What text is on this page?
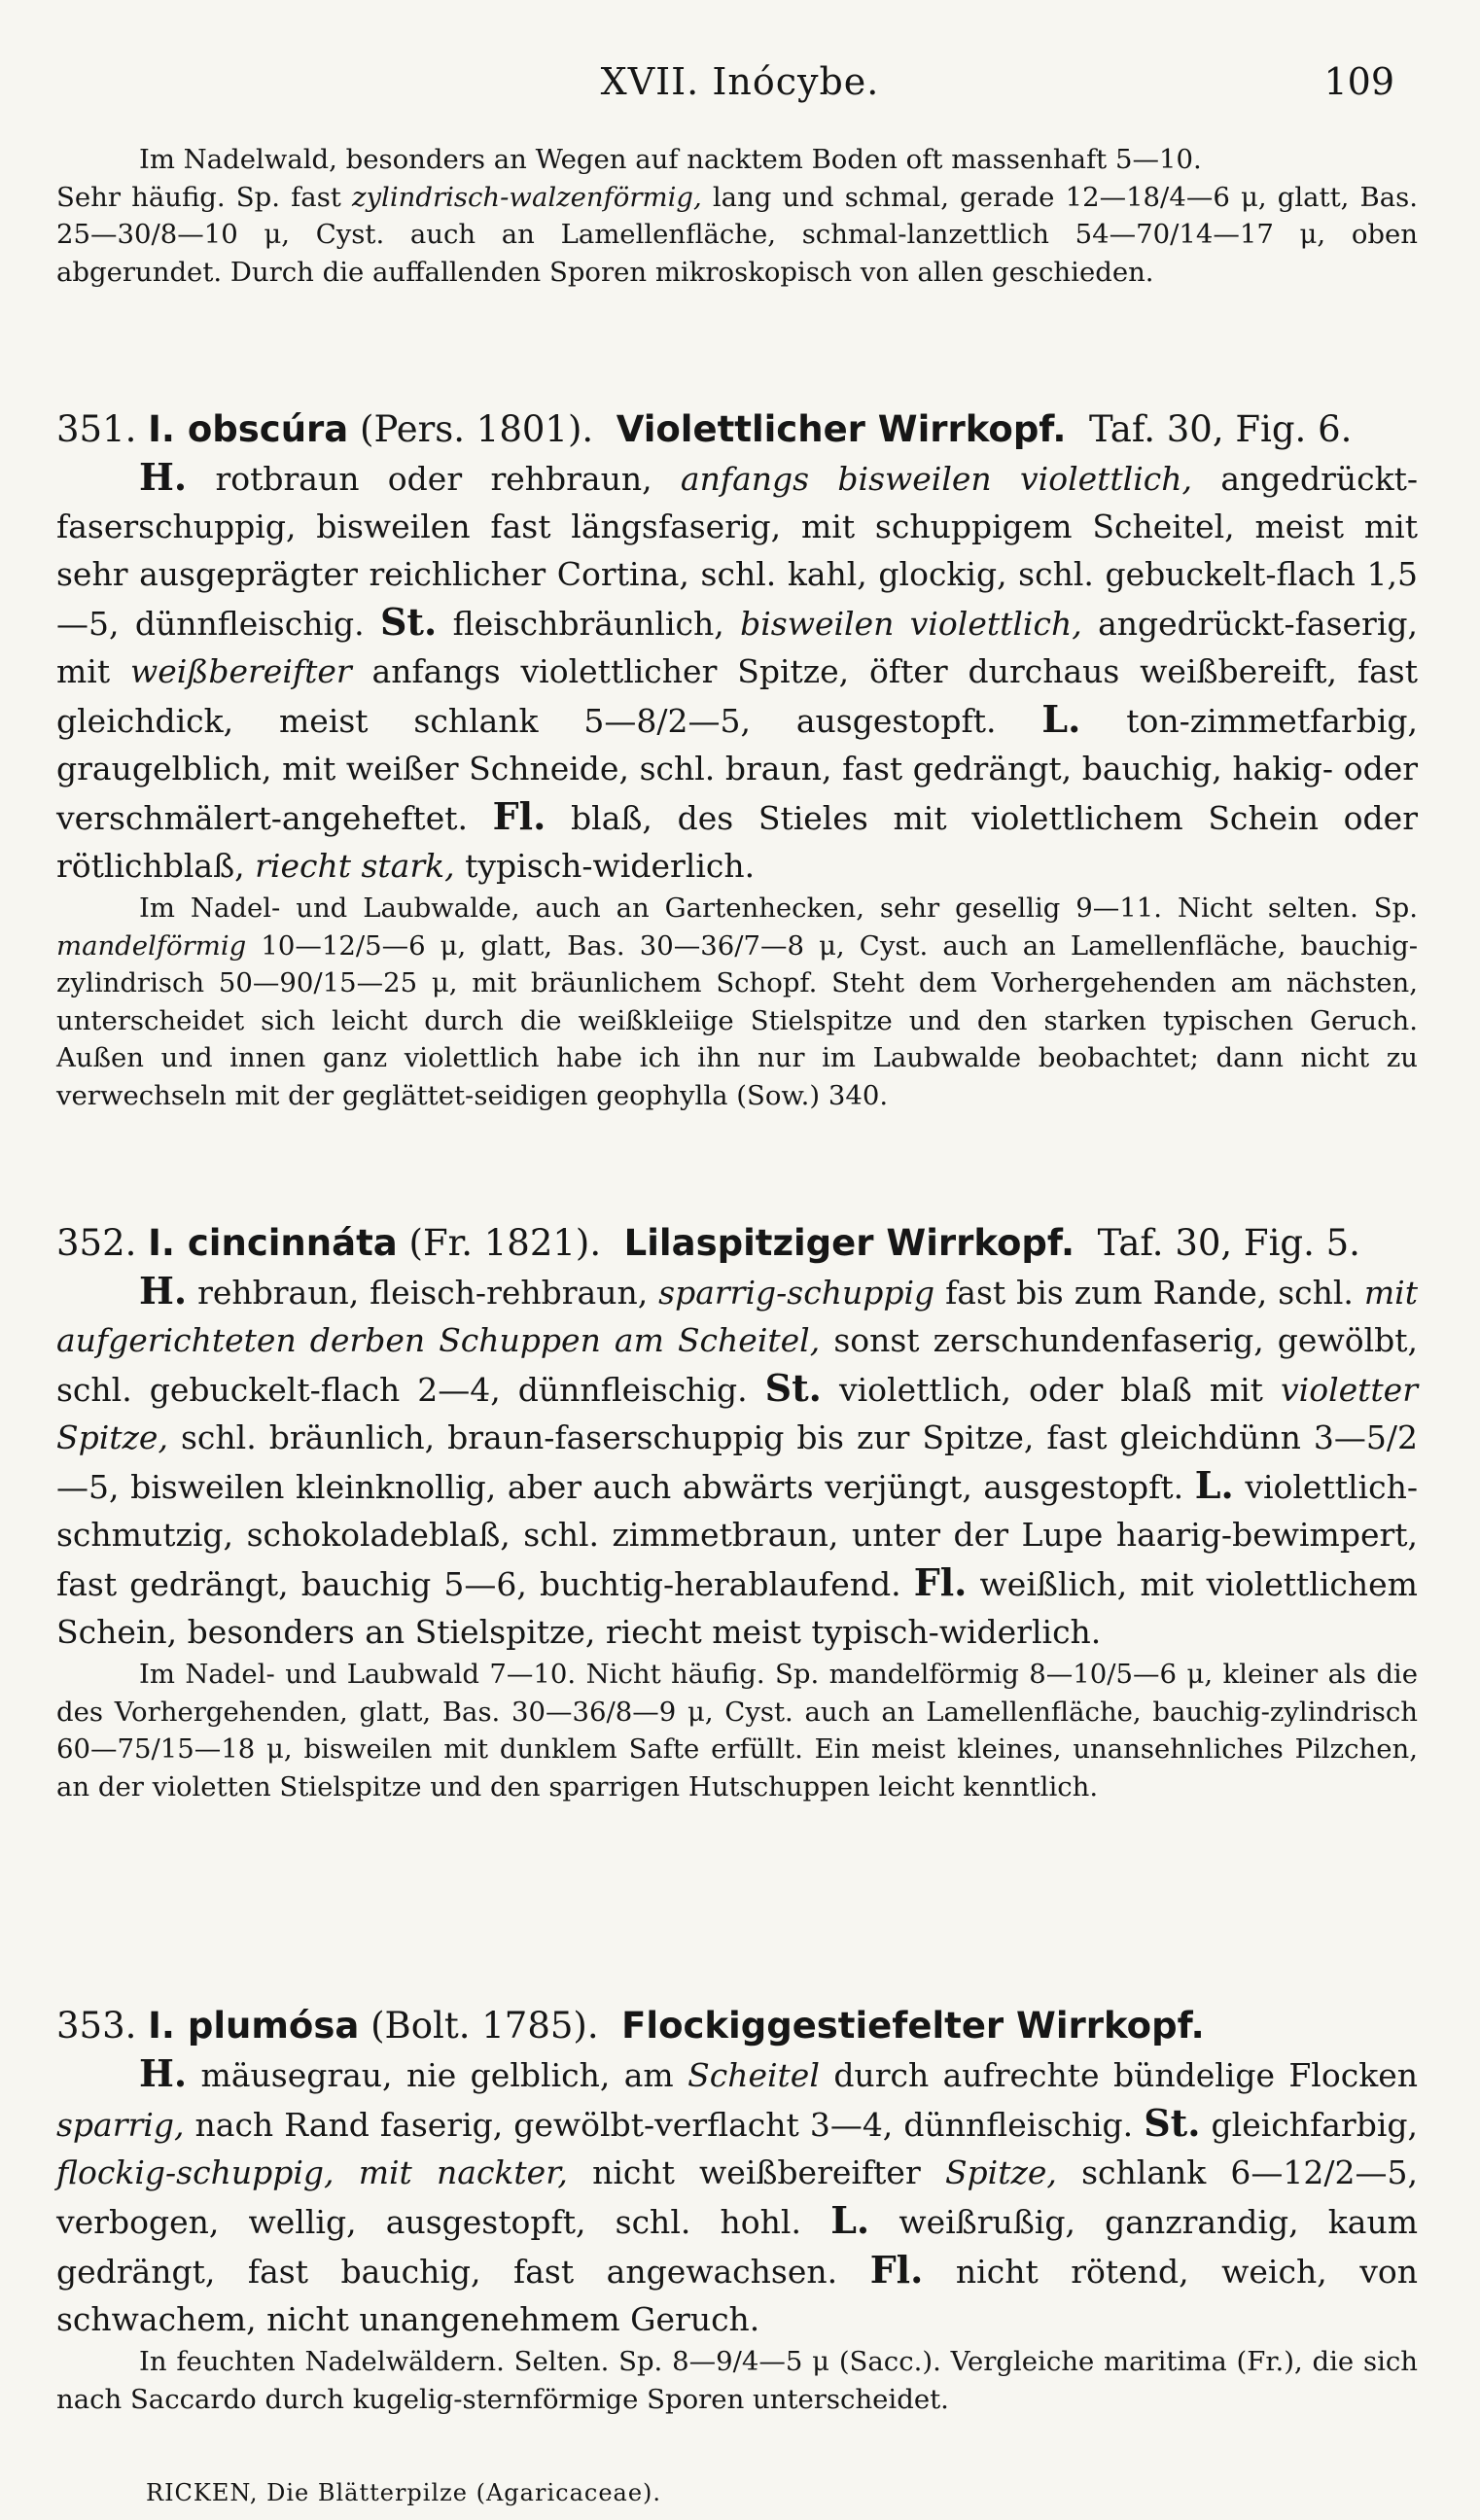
XVII. Inócybe.	109

Im Nadelwald, besonders an Wegen auf nacktem Boden oft massenhaft 5—10.

Sehr häufig. Sp. fast zylindrisch-walzenförmig, lang und schmal, gerade 12—18/4—6 μ, glatt, Bas. 25—30/8—10 μ, Cyst. auch an Lamellenfläche, schmal-lanzettlich 54—70/14—17 μ, oben abgerundet. Durch die auffallenden Sporen mikroskopisch von allen geschieden.

351. I. obscúra (Pers. 1801). Violettlicher Wirrkopf. Taf. 30, Fig. 6.

H. rotbraun oder rehbraun, anfangs bisweilen violettlich, angedrückt-faserschuppig, bisweilen fast längsfaserig, mit schuppigem Scheitel, meist mit sehr ausgeprägter reichlicher Cortina, schl. kahl, glockig, schl. gebuckelt-flach 1,5—5, dünnfleischig. St. fleischbräunlich, bisweilen violettlich, angedrückt-faserig, mit weißbereifter anfangs violettlicher Spitze, öfter durchaus weißbereift, fast gleichdick, meist schlank 5—8/2—5, ausgestopft. L. ton-zimmetfarbig, graugelblich, mit weißer Schneide, schl. braun, fast gedrängt, bauchig, hakig- oder verschmälert-angeheftet. Fl. blaß, des Stieles mit violettlichem Schein oder rötlichblaß, riecht stark, typisch-widerlich.

Im Nadel- und Laubwalde, auch an Gartenhecken, sehr gesellig 9—11. Nicht selten. Sp. mandelförmig 10—12/5—6 μ, glatt, Bas. 30—36/7—8 μ, Cyst. auch an Lamellenfläche, bauchig-zylindrisch 50—90/15—25 μ, mit bräunlichem Schopf. Steht dem Vorhergehenden am nächsten, unterscheidet sich leicht durch die weißkleiige Stielspitze und den starken typischen Geruch. Außen und innen ganz violettlich habe ich ihn nur im Laubwalde beobachtet; dann nicht zu verwechseln mit der geglättet-seidigen geophylla (Sow.) 340.

352. I. cincinnáta (Fr. 1821). Lilaspitziger Wirrkopf. Taf. 30, Fig. 5.

H. rehbraun, fleisch-rehbraun, sparrig-schuppig fast bis zum Rande, schl. mit aufgerichteten derben Schuppen am Scheitel, sonst zerschundenfaserig, gewölbt, schl. gebuckelt-flach 2—4, dünnfleischig. St. violettlich, oder blaß mit violetter Spitze, schl. bräunlich, braun-faserschuppig bis zur Spitze, fast gleichdünn 3—5/2—5, bisweilen kleinknollig, aber auch abwärts verjüngt, ausgestopft. L. violettlich-schmutzig, schokoladeblaß, schl. zimmetbraun, unter der Lupe haarig-bewimpert, fast gedrängt, bauchig 5—6, buchtig-herablaufend. Fl. weißlich, mit violettlichem Schein, besonders an Stielspitze, riecht meist typisch-widerlich.

Im Nadel- und Laubwald 7—10. Nicht häufig. Sp. mandelförmig 8—10/5—6 μ, kleiner als die des Vorhergehenden, glatt, Bas. 30—36/8—9 μ, Cyst. auch an Lamellenfläche, bauchig-zylindrisch 60—75/15—18 μ, bisweilen mit dunklem Safte erfüllt. Ein meist kleines, unansehnliches Pilzchen, an der violetten Stielspitze und den sparrigen Hutschuppen leicht kenntlich.

353. I. plumósa (Bolt. 1785). Flockiggestiefelter Wirrkopf.

H. mäusegrau, nie gelblich, am Scheitel durch aufrechte bündelige Flocken sparrig, nach Rand faserig, gewölbt-verflacht 3—4, dünnfleischig. St. gleichfarbig, flockig-schuppig, mit nackter, nicht weißbereifter Spitze, schlank 6—12/2—5, verbogen, wellig, ausgestopft, schl. hohl. L. weißrußig, ganzrandig, kaum gedrängt, fast bauchig, fast angewachsen. Fl. nicht rötend, weich, von schwachem, nicht unangenehmem Geruch.

In feuchten Nadelwäldern. Selten. Sp. 8—9/4—5 μ (Sacc.). Vergleiche maritima (Fr.), die sich nach Saccardo durch kugelig-sternförmige Sporen unterscheidet.

RICKEN, Die Blätterpilze (Agaricaceae).
